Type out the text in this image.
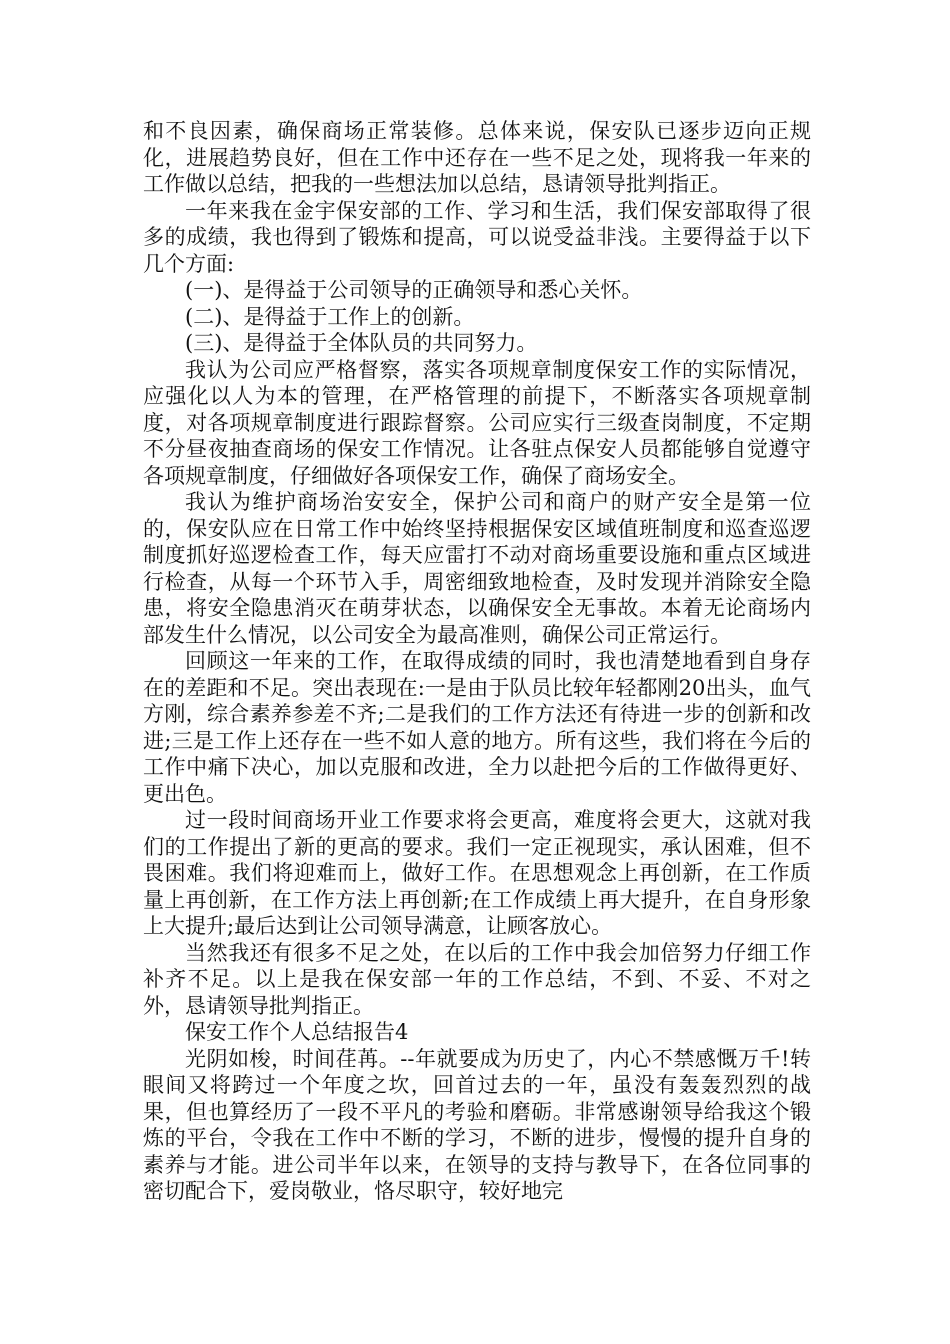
和不良因素，确保商场正常装修。总体来说，保安队已逐步迈向正规化，进展趋势良好，但在工作中还存在一些不足之处，现将我一年来的工作做以总结，把我的一些想法加以总结，恳请领导批判指正。

一年来我在金宇保安部的工作、学习和生活，我们保安部取得了很多的成绩，我也得到了锻炼和提高，可以说受益非浅。主要得益于以下几个方面:

(一)、是得益于公司领导的正确领导和悉心关怀。

(二)、是得益于工作上的创新。

(三)、是得益于全体队员的共同努力。

我认为公司应严格督察，落实各项规章制度保安工作的实际情况，应强化以人为本的管理，在严格管理的前提下，不断落实各项规章制度，对各项规章制度进行跟踪督察。公司应实行三级查岗制度，不定期不分昼夜抽查商场的保安工作情况。让各驻点保安人员都能够自觉遵守各项规章制度，仔细做好各项保安工作，确保了商场安全。

我认为维护商场治安安全，保护公司和商户的财产安全是第一位的，保安队应在日常工作中始终坚持根据保安区域值班制度和巡查巡逻制度抓好巡逻检查工作，每天应雷打不动对商场重要设施和重点区域进行检查，从每一个环节入手，周密细致地检查，及时发现并消除安全隐患，将安全隐患消灭在萌芽状态，以确保安全无事故。本着无论商场内部发生什么情况，以公司安全为最高准则，确保公司正常运行。

回顾这一年来的工作，在取得成绩的同时，我也清楚地看到自身存在的差距和不足。突出表现在:一是由于队员比较年轻都刚20出头，血气方刚，综合素养参差不齐;二是我们的工作方法还有待进一步的创新和改进;三是工作上还存在一些不如人意的地方。所有这些，我们将在今后的工作中痛下决心，加以克服和改进，全力以赴把今后的工作做得更好、更出色。

过一段时间商场开业工作要求将会更高，难度将会更大，这就对我们的工作提出了新的更高的要求。我们一定正视现实，承认困难，但不畏困难。我们将迎难而上，做好工作。在思想观念上再创新，在工作质量上再创新，在工作方法上再创新;在工作成绩上再大提升，在自身形象上大提升;最后达到让公司领导满意，让顾客放心。

当然我还有很多不足之处，在以后的工作中我会加倍努力仔细工作补齐不足。以上是我在保安部一年的工作总结，不到、不妥、不对之外，恳请领导批判指正。

保安工作个人总结报告4

光阴如梭，时间荏苒。--年就要成为历史了，内心不禁感慨万千!转眼间又将跨过一个年度之坎，回首过去的一年，虽没有轰轰烈烈的战果，但也算经历了一段不平凡的考验和磨砺。非常感谢领导给我这个锻炼的平台，令我在工作中不断的学习，不断的进步，慢慢的提升自身的素养与才能。进公司半年以来，在领导的支持与教导下，在各位同事的密切配合下，爱岗敬业，恪尽职守，较好地完
